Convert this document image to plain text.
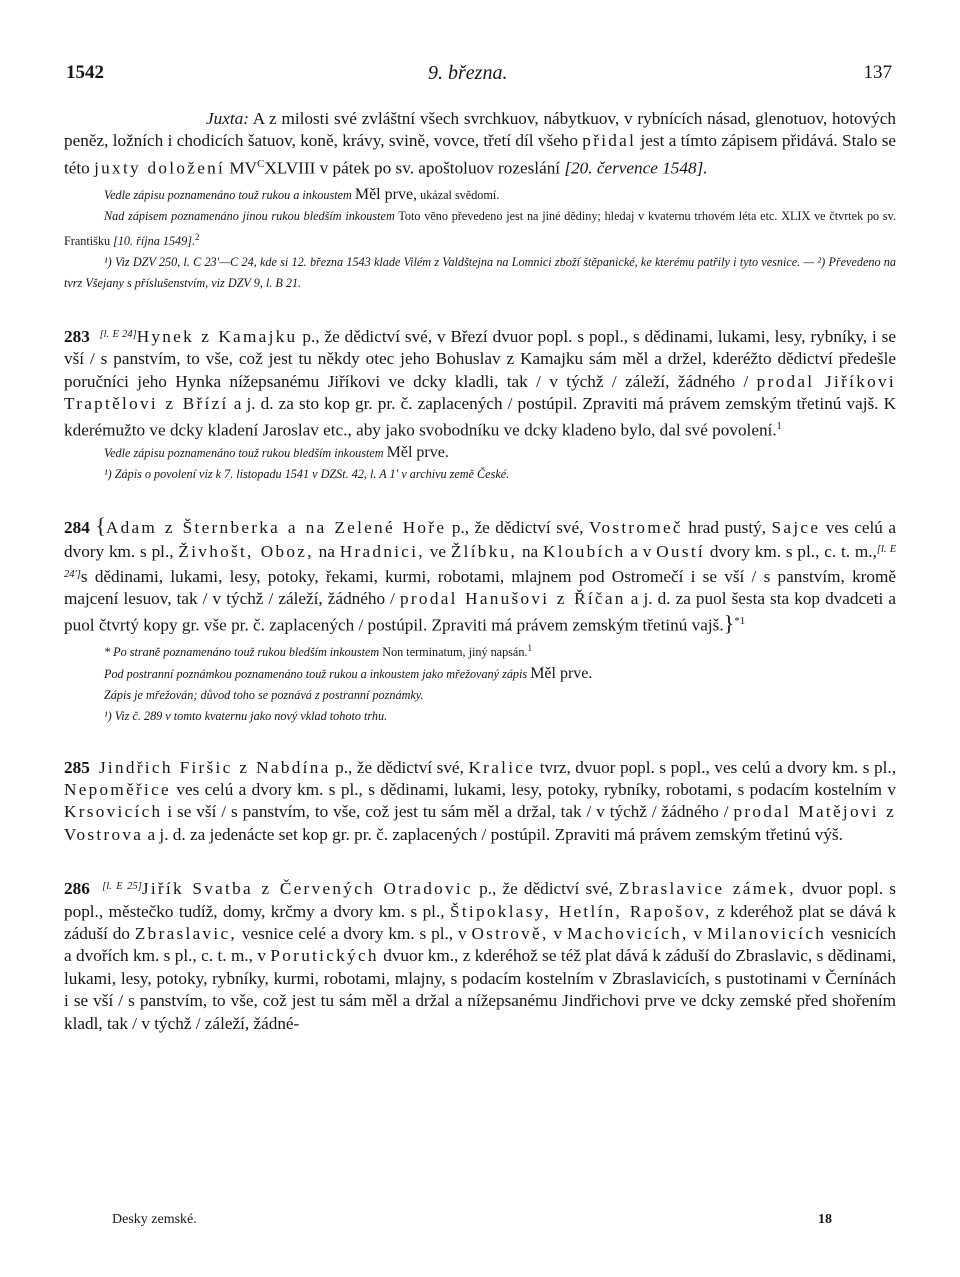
1542	9. března.	137

Juxta: A z milosti své zvláštní všech svrchkuov, nábytkuov, v rybnících násad, glenotuov, hotových peněz, ložních i chodicích šatuov, koně, krávy, svině, vovce, třetí díl všeho přidal jest a tímto zápisem přidává. Stalo se této juxty doložení $MV^CXLVIII$ v pátek po sv. apoštoluov rozeslání [20. července 1548].

Vedle zápisu poznamenáno touž rukou a inkoustem Měl prve, ukázal svědomí.

Nad zápisem poznamenáno jinou rukou bledším inkoustem Toto věno převedeno jest na jiné dědiny; hledaj v kvaternu trhovém léta etc. XLIX ve čtvrtek po sv. Františku [10. října 1549].$^2$

¹) Viz DZV 250, l. C 23′—C 24, kde si 12. března 1543 klade Vilém z Valdštejna na Lomnici zboží štěpanické, ke kterému patřily i tyto vesnice. — ²) Převedeno na tvrz Všejany s příslušenstvím, viz DZV 9, l. B 21.

283 [l. E 24]Hynek z Kamajku p., že dědictví své, v Březí dvuor popl. s popl., s dědinami, lukami, lesy, rybníky, i se vší / s panstvím, to vše, což jest tu někdy otec jeho Bohuslav z Kamajku sám měl a držel, kderéžto dědictví předešle poručníci jeho Hynka nížepsanému Jiříkovi ve dcky kladli, tak / v týchž / záleží, žádného / prodal Jiříkovi Traptělovi z Břízí a j. d. za sto kop gr. pr. č. zaplacených / postúpil. Zpraviti má právem zemským třetinú vajš. K kderémužto ve dcky kladení Jaroslav etc., aby jako svobodníku ve dcky kladeno bylo, dal své povolení.$^1$

Vedle zápisu poznamenáno touž rukou bledším inkoustem Měl prve.

¹) Zápis o povolení viz k 7. listopadu 1541 v DZSt. 42, l. A 1′ v archivu země České.

284 {Adam z Šternberka a na Zelené Hoře p., že dědictví své, Vostromeč hrad pustý, Sajce ves celú a dvory km. s pl., Živhošt, Oboz, na Hradnici, ve Žlíbku, na Kloubích a v Oustí dvory km. s pl., c. t. m.,[l. E 24′]s dědinami, lukami, lesy, potoky, řekami, kurmi, robotami, mlajnem pod Ostromečí i se vší / s panstvím, kromě majcení lesuov, tak / v týchž / záleží, žádného / prodal Hanušovi z Říčan a j. d. za puol šesta sta kop dvadceti a puol čtvrtý kopy gr. vše pr. č. zaplacených / postúpil. Zpraviti má právem zemským třetinú vajš.}$^{*1}$

* Po straně poznamenáno touž rukou bledším inkoustem Non terminatum, jiný napsán.$^1$

Pod postranní poznámkou poznamenáno touž rukou a inkoustem jako mřežovaný zápis Měl prve.

Zápis je mřežován; důvod toho se poznává z postranní poznámky.

¹) Viz č. 289 v tomto kvaternu jako nový vklad tohoto trhu.

285 Jindřich Firšic z Nabdína p., že dědictví své, Kralice tvrz, dvuor popl. s popl., ves celú a dvory km. s pl., Nepoměřice ves celú a dvory km. s pl., s dědinami, lukami, lesy, potoky, rybníky, robotami, s podacím kostelním v Krsovicích i se vší / s panstvím, to vše, což jest tu sám měl a držal, tak / v týchž / žádného / prodal Matějovi z Vostrova a j. d. za jedenácte set kop gr. pr. č. zaplacených / postúpil. Zpraviti má právem zemským třetinú výš.

286 [l. E 25]Jiřík Svatba z Červených Otradovic p., že dědictví své, Zbraslavice zámek, dvuor popl. s popl., městečko tudíž, domy, krčmy a dvory km. s pl., Štipoklasy, Hetlín, Rapošov, z kderéhož plat se dává k záduší do Zbraslavic, vesnice celé a dvory km. s pl., v Ostrově, v Machovicích, v Milanovicích vesnicích a dvořích km. s pl., c. t. m., v Porutických dvuor km., z kderéhož se též plat dává k záduší do Zbraslavic, s dědinami, lukami, lesy, potoky, rybníky, kurmi, robotami, mlajny, s podacím kostelním v Zbraslavicích, s pustotinami v Černínách i se vší / s panstvím, to vše, což jest tu sám měl a držal a nížepsanému Jindřichovi prve ve dcky zemské před shořením kladl, tak / v týchž / záleží, žádné-

Desky zemské.	18
